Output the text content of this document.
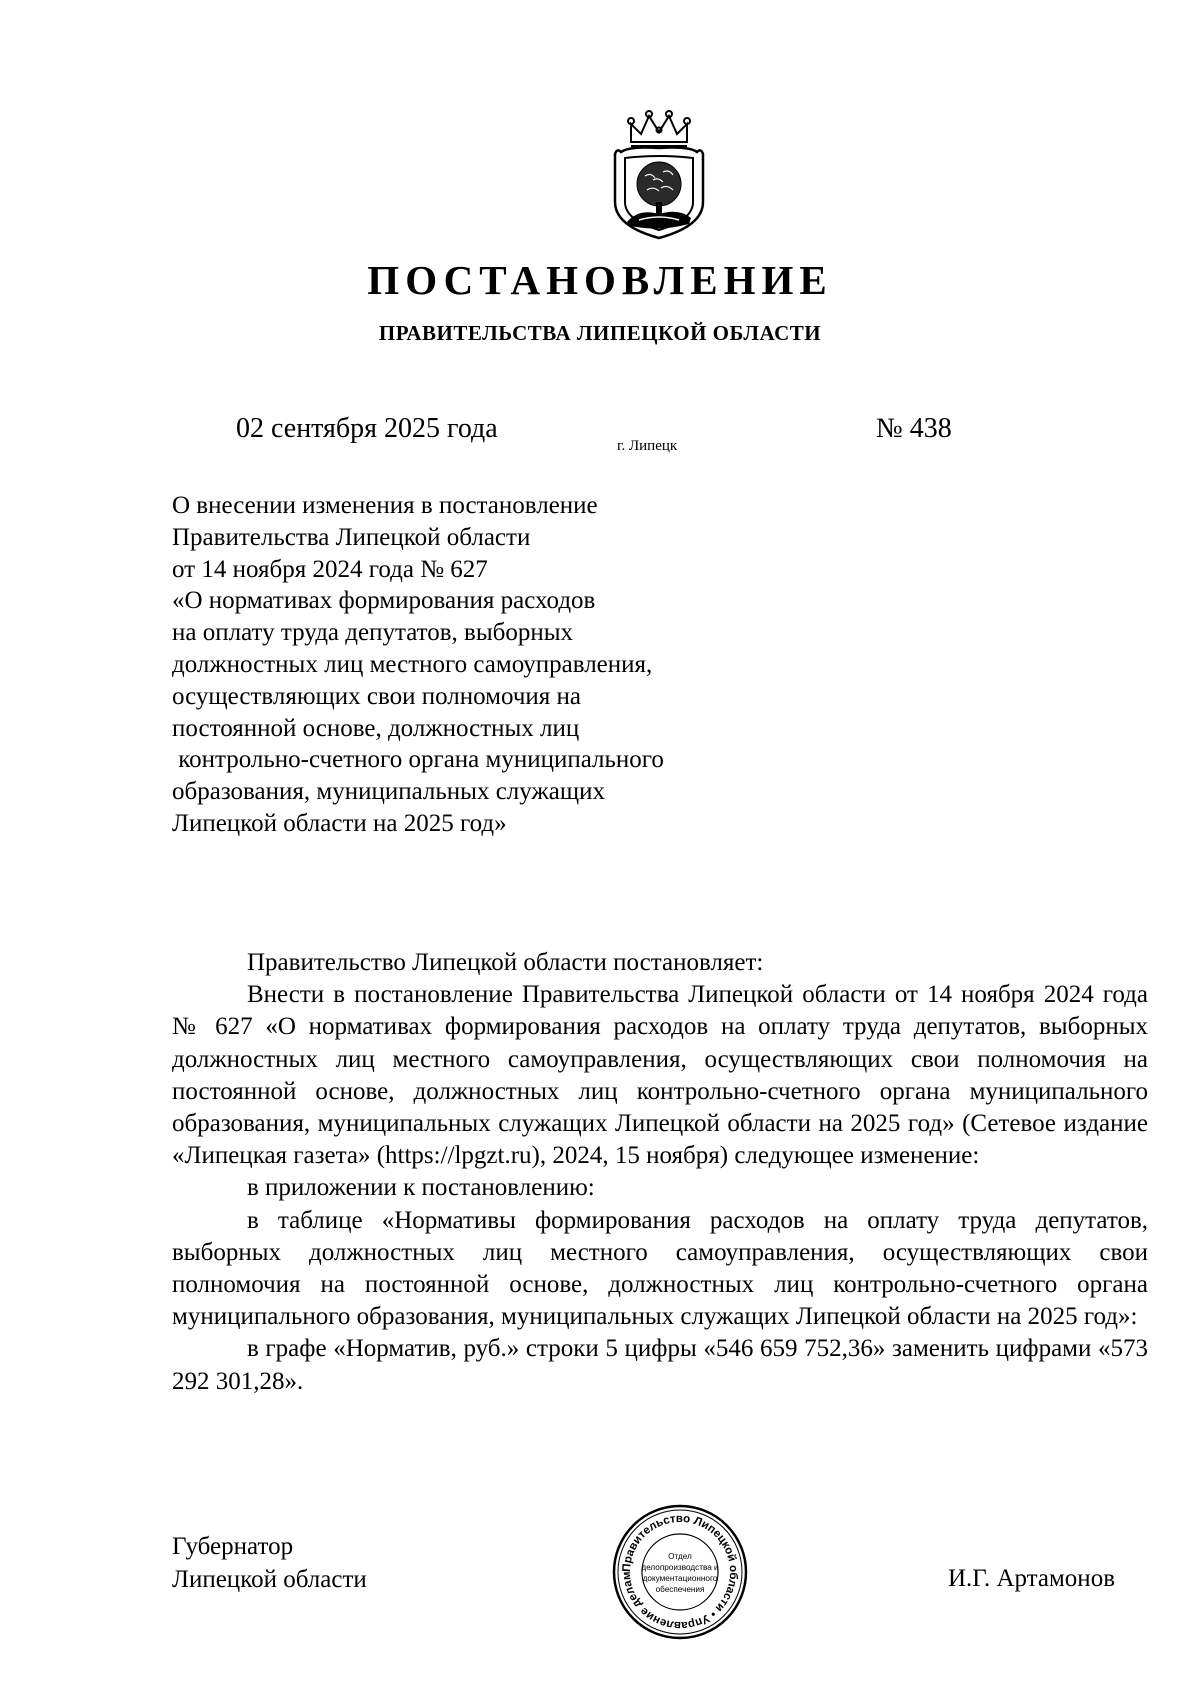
ПОСТАНОВЛЕНИЕ
ПРАВИТЕЛЬСТВА ЛИПЕЦКОЙ ОБЛАСТИ
02 сентября 2025 года
г. Липецк
№ 438
О внесении изменения в постановление
Правительства Липецкой области
от 14 ноября 2024 года № 627
«О нормативах формирования расходов
на оплату труда депутатов, выборных
должностных лиц местного самоуправления,
осуществляющих свои полномочия на
постоянной основе, должностных лиц
контрольно-счетного органа муниципального
образования, муниципальных служащих
Липецкой области на 2025 год»

Правительство Липецкой области постановляет:

Внести в постановление Правительства Липецкой области от 14 ноября 2024 года № 627 «О нормативах формирования расходов на оплату труда депутатов, выборных должностных лиц местного самоуправления, осуществляющих свои полномочия на постоянной основе, должностных лиц контрольно-счетного органа муниципального образования, муниципальных служащих Липецкой области на 2025 год» (Сетевое издание «Липецкая газета» (https://lpgzt.ru), 2024, 15 ноября) следующее изменение:

в приложении к постановлению:

в таблице «Нормативы формирования расходов на оплату труда депутатов, выборных должностных лиц местного самоуправления, осуществляющих свои полномочия на постоянной основе, должностных лиц контрольно-счетного органа муниципального образования, муниципальных служащих Липецкой области на 2025 год»:

в графе «Норматив, руб.» строки 5 цифры «546 659 752,36» заменить цифрами «573 292 301,28».

Губернатор
Липецкой области	И.Г. Артамонов
Правительство Липецкой области • Управление делам
Отдел
делопроизводства и
документационного
обеспечения
